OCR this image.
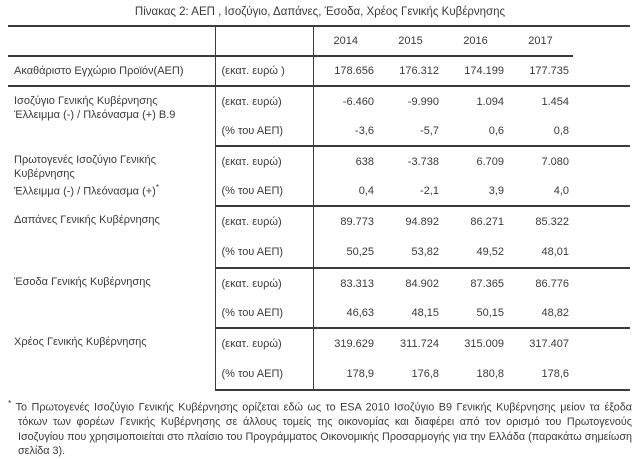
Πίνακας 2: ΑΕΠ , Ισοζύγιο, Δαπάνες, Έσοδα, Χρέος Γενικής Κυβέρνησης
		2014	2015	2016	2017	
Ακαθάριστο Εγχώριο Προϊόν(ΑΕΠ)	(εκατ. ευρώ )	178.656	176.312	174.199	177.735	
Ισοζύγιο Γενικής Κυβέρνησης
Έλλειμμα (-) / Πλεόνασμα (+) Β.9	(εκατ. ευρώ)	-6.460	-9.990	1.094	1.454	
	(% του ΑΕΠ)	-3,6	-5,7	0,6	0,8	
Πρωτογενές Ισοζύγιο Γενικής Κυβέρνησης
Έλλειμμα (-) / Πλεόνασμα (+)*	(εκατ. ευρώ)	638	-3.738	6.709	7.080	
	(% του ΑΕΠ)	0,4	-2,1	3,9	4,0	
Δαπάνες Γενικής Κυβέρνησης	(εκατ. ευρώ)	89.773	94.892	86.271	85.322	
	(% του ΑΕΠ)	50,25	53,82	49,52	48,01	
Έσοδα Γενικής Κυβέρνησης	(εκατ. ευρώ)	83.313	84.902	87.365	86.776	
	(% του ΑΕΠ)	46,63	48,15	50,15	48,82	
Χρέος Γενικής Κυβέρνησης	(εκατ. ευρώ)	319.629	311.724	315.009	317.407	
	(% του ΑΕΠ)	178,9	176,8	180,8	178,6	
* Το Πρωτογενές Ισοζύγιο Γενικής Κυβέρνησης ορίζεται εδώ ως το ESA 2010 Ισοζύγιο Β9 Γενικής Κυβέρνησης μείον τα έξοδα τόκων των φορέων Γενικής Κυβέρνησης σε άλλους τομείς της οικονομίας και διαφέρει από τον ορισμό του Πρωτογενούς Ισοζυγίου που χρησιμοποιείται στο πλαίσιο του Προγράμματος Οικονομικής Προσαρμογής για την Ελλάδα (παρακάτω σημείωση σελίδα 3).
